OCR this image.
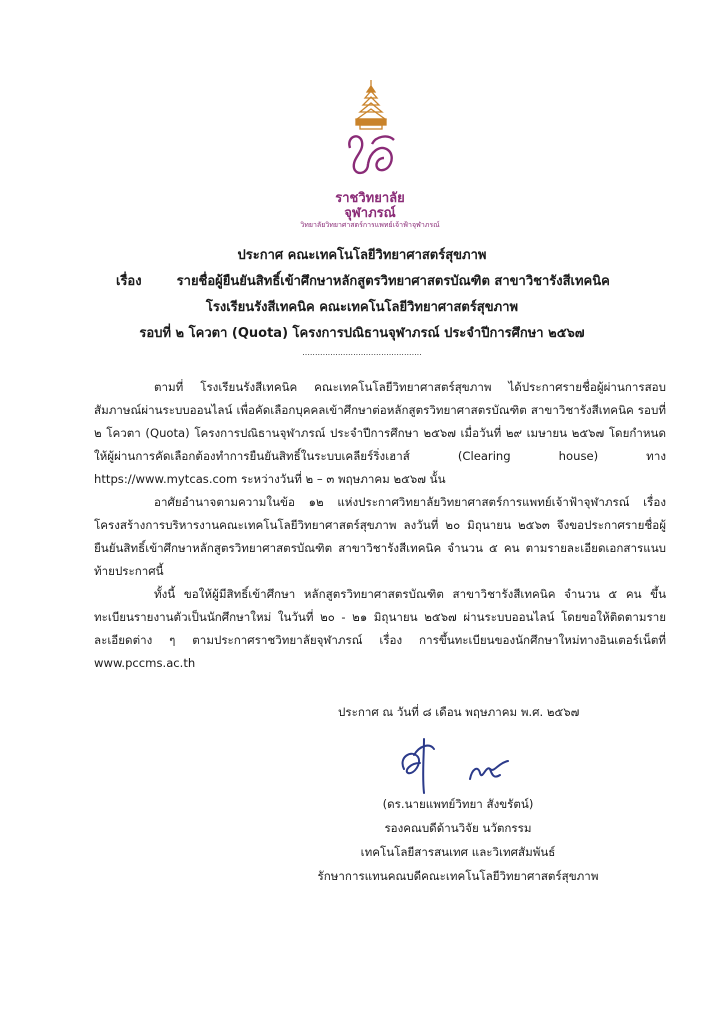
ราชวิทยาลัย
จุฬาภรณ์
วิทยาลัยวิทยาศาสตร์การแพทย์เจ้าฟ้าจุฬาภรณ์
ประกาศ คณะเทคโนโลยีวิทยาศาสตร์สุขภาพ
เรื่อง	รายชื่อผู้ยืนยันสิทธิ์เข้าศึกษาหลักสูตรวิทยาศาสตรบัณฑิต สาขาวิชารังสีเทคนิค
โรงเรียนรังสีเทคนิค คณะเทคโนโลยีวิทยาศาสตร์สุขภาพ
รอบที่ ๒ โควตา (Quota) โครงการปณิธานจุฬาภรณ์ ประจำปีการศึกษา ๒๕๖๗
...............................................

ตามที่ โรงเรียนรังสีเทคนิค คณะเทคโนโลยีวิทยาศาสตร์สุขภาพ ได้ประกาศรายชื่อผู้ผ่านการสอบสัมภาษณ์ผ่านระบบออนไลน์ เพื่อคัดเลือกบุคคลเข้าศึกษาต่อหลักสูตรวิทยาศาสตรบัณฑิต สาขาวิชารังสีเทคนิค รอบที่ ๒ โควตา (Quota) โครงการปณิธานจุฬาภรณ์ ประจำปีการศึกษา ๒๕๖๗ เมื่อวันที่ ๒๙ เมษายน ๒๕๖๗ โดยกำหนดให้ผู้ผ่านการคัดเลือกต้องทำการยืนยันสิทธิ์ในระบบเคลียร์ริ่งเฮาส์ (Clearing house) ทาง https://www.mytcas.com ระหว่างวันที่ ๒ – ๓ พฤษภาคม ๒๕๖๗ นั้น

อาศัยอำนาจตามความในข้อ ๑๒ แห่งประกาศวิทยาลัยวิทยาศาสตร์การแพทย์เจ้าฟ้าจุฬาภรณ์ เรื่อง โครงสร้างการบริหารงานคณะเทคโนโลยีวิทยาศาสตร์สุขภาพ ลงวันที่ ๒๐ มิถุนายน ๒๕๖๓ จึงขอประกาศรายชื่อผู้ยืนยันสิทธิ์เข้าศึกษาหลักสูตรวิทยาศาสตรบัณฑิต สาขาวิชารังสีเทคนิค จำนวน ๕ คน ตามรายละเอียดเอกสารแนบท้ายประกาศนี้

ทั้งนี้ ขอให้ผู้มีสิทธิ์เข้าศึกษา หลักสูตรวิทยาศาสตรบัณฑิต สาขาวิชารังสีเทคนิค จำนวน ๕ คน ขึ้นทะเบียนรายงานตัวเป็นนักศึกษาใหม่ ในวันที่ ๒๐ - ๒๑ มิถุนายน ๒๕๖๗ ผ่านระบบออนไลน์ โดยขอให้ติดตามรายละเอียดต่าง ๆ ตามประกาศราชวิทยาลัยจุฬาภรณ์ เรื่อง การขึ้นทะเบียนของนักศึกษาใหม่ทางอินเตอร์เน็ตที่ www.pccms.ac.th

ประกาศ ณ วันที่ ๘ เดือน พฤษภาคม พ.ศ. ๒๕๖๗
(ดร.นายแพทย์วิทยา สังขรัตน์)
รองคณบดีด้านวิจัย นวัตกรรม
เทคโนโลยีสารสนเทศ และวิเทศสัมพันธ์
รักษาการแทนคณบดีคณะเทคโนโลยีวิทยาศาสตร์สุขภาพ
